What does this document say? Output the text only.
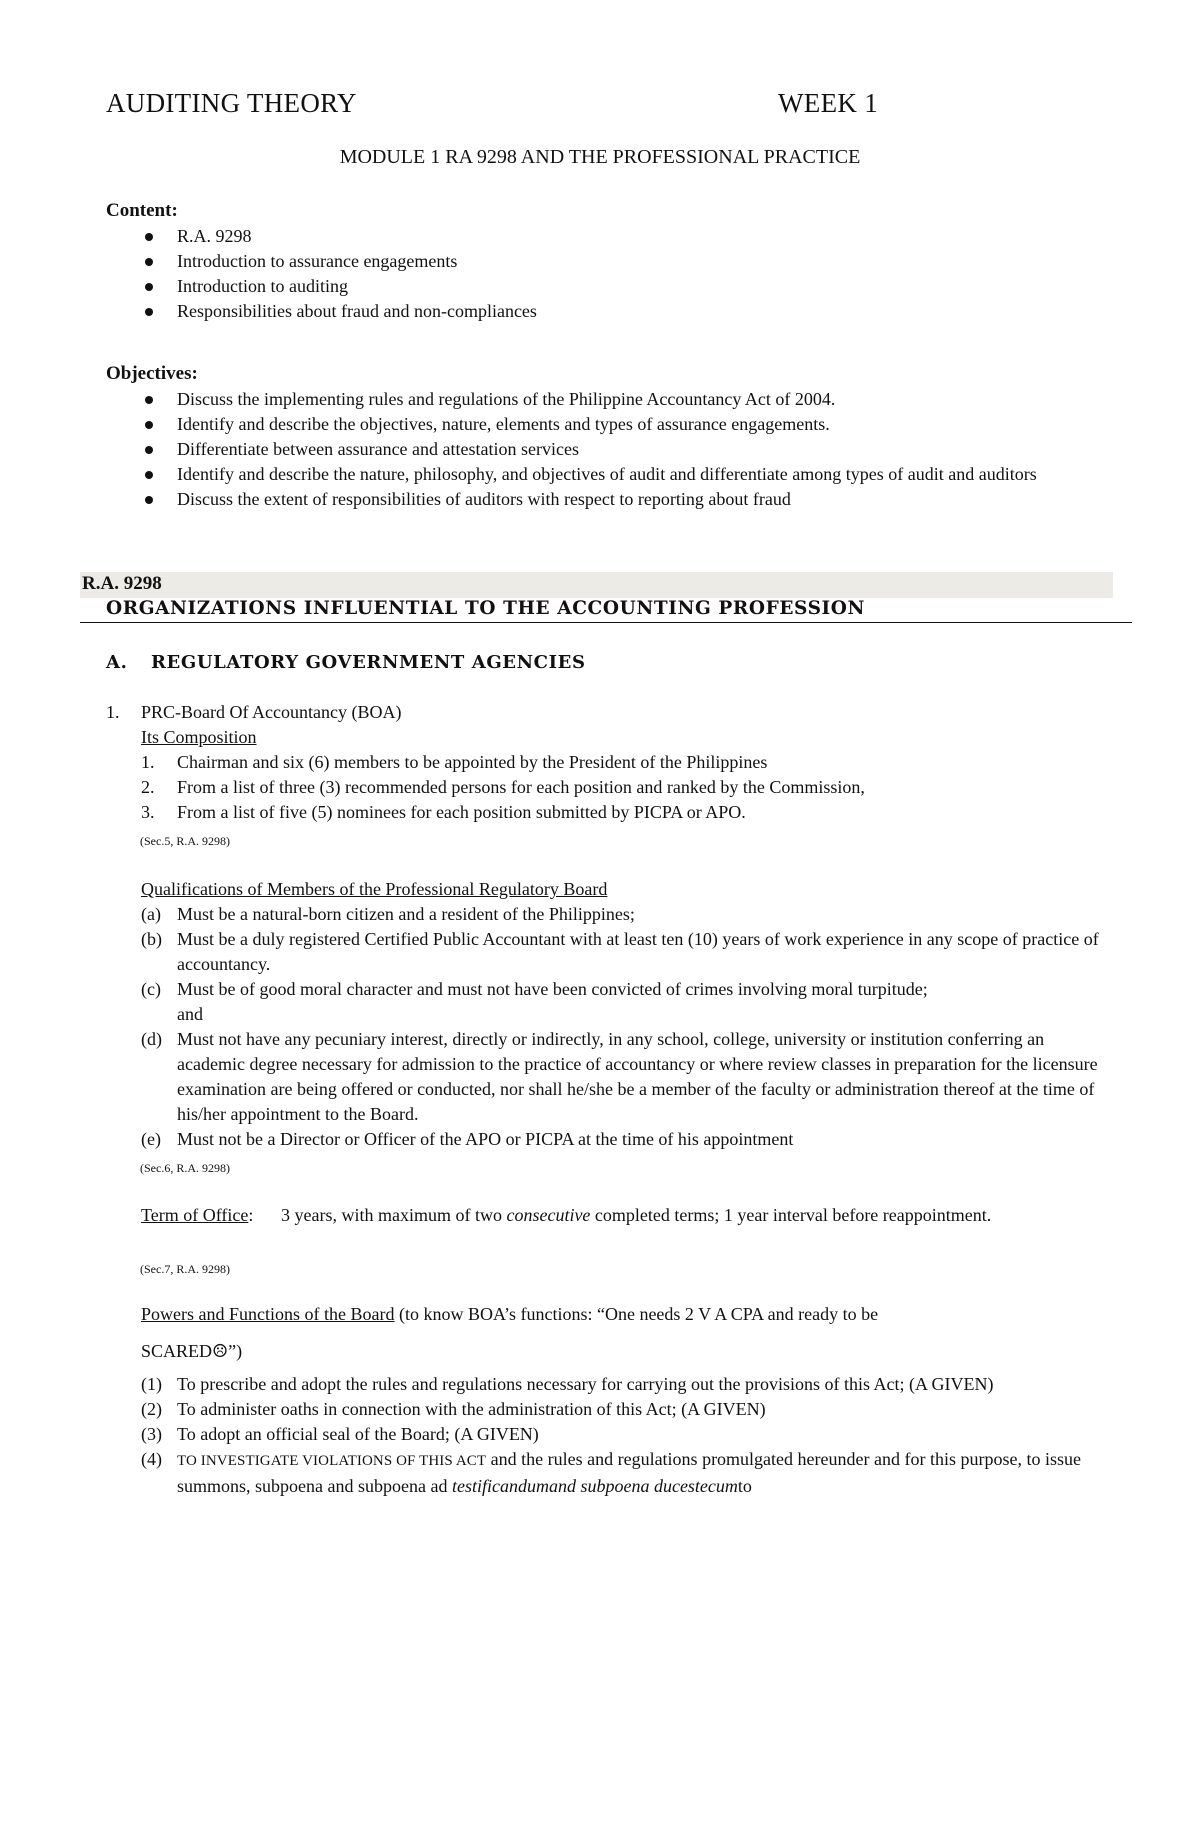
AUDITING THEORY	WEEK 1
MODULE 1 RA 9298 AND THE PROFESSIONAL PRACTICE
Content:
R.A. 9298
Introduction to assurance engagements
Introduction to auditing
Responsibilities about fraud and non-compliances
Objectives:
Discuss the implementing rules and regulations of the Philippine Accountancy Act of 2004.
Identify and describe the objectives, nature, elements and types of assurance engagements.
Differentiate between assurance and attestation services
Identify and describe the nature, philosophy, and objectives of audit and differentiate among types of audit and auditors
Discuss the extent of responsibilities of auditors with respect to reporting about fraud
R.A. 9298
ORGANIZATIONS INFLUENTIAL TO THE ACCOUNTING PROFESSION
A. REGULATORY GOVERNMENT AGENCIES
1. PRC-Board Of Accountancy (BOA)
Its Composition
1.	Chairman and six (6) members to be appointed by the President of the Philippines
2.	From a list of three (3) recommended persons for each position and ranked by the Commission,
3.	From a list of five (5) nominees for each position submitted by PICPA or APO.
(Sec.5, R.A. 9298)
Qualifications of Members of the Professional Regulatory Board
(a) Must be a natural-born citizen and a resident of the Philippines;
(b) Must be a duly registered Certified Public Accountant with at least ten (10) years of work experience in any scope of practice of accountancy.
(c) Must be of good moral character and must not have been convicted of crimes involving moral turpitude; and
(d) Must not have any pecuniary interest, directly or indirectly, in any school, college, university or institution conferring an academic degree necessary for admission to the practice of accountancy or where review classes in preparation for the licensure examination are being offered or conducted, nor shall he/she be a member of the faculty or administration thereof at the time of his/her appointment to the Board.
(e) Must not be a Director or Officer of the APO or PICPA at the time of his appointment
(Sec.6, R.A. 9298)
Term of Office: 3 years, with maximum of two consecutive completed terms; 1 year interval before reappointment.
(Sec.7, R.A. 9298)
Powers and Functions of the Board (to know BOA’s functions: “One needs 2 V A CPA and ready to be
SCARED☹”)
(1) To prescribe and adopt the rules and regulations necessary for carrying out the provisions of this Act; (A GIVEN)
(2) To administer oaths in connection with the administration of this Act; (A GIVEN)
(3) To adopt an official seal of the Board; (A GIVEN)
(4)	TO INVESTIGATE VIOLATIONS OF THIS ACT and the rules and regulations promulgated hereunder and for this purpose, to issue summons, subpoena and subpoena ad testificandumand subpoena ducestecumto
